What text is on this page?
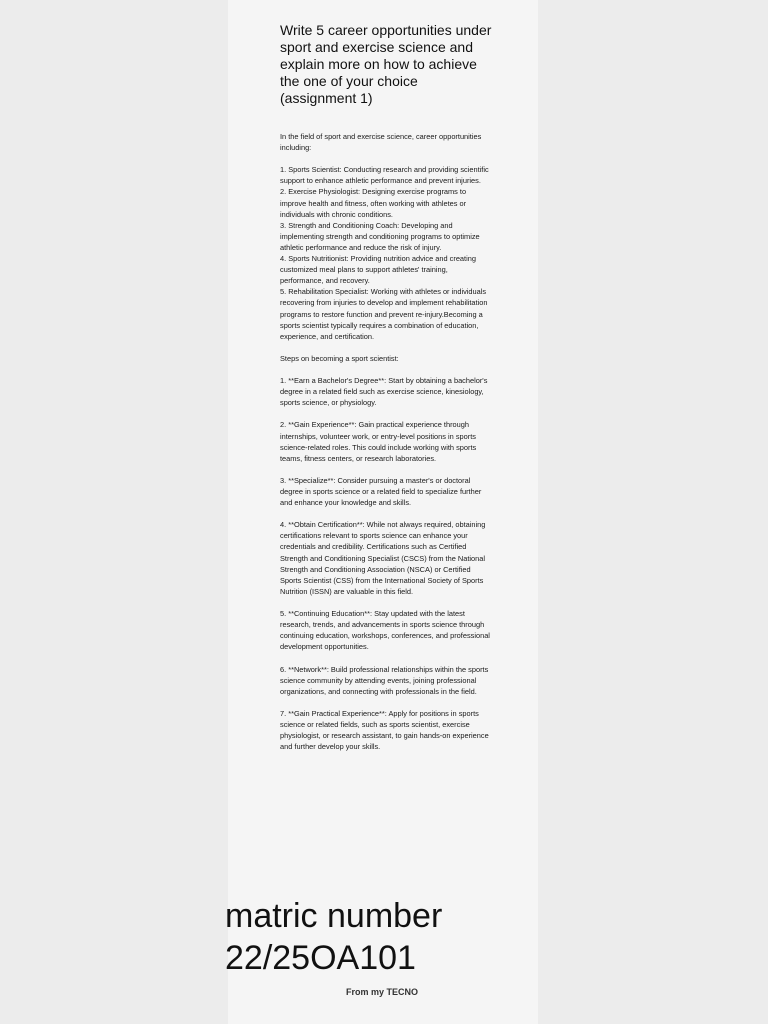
Write 5 career opportunities under sport and exercise science and explain more on how to achieve the one of your choice (assignment 1)

In the field of sport and exercise science, career opportunities including:

1. Sports Scientist: Conducting research and providing scientific support to enhance athletic performance and prevent injuries.

2. Exercise Physiologist: Designing exercise programs to improve health and fitness, often working with athletes or individuals with chronic conditions.

3. Strength and Conditioning Coach: Developing and implementing strength and conditioning programs to optimize athletic performance and reduce the risk of injury.

4. Sports Nutritionist: Providing nutrition advice and creating customized meal plans to support athletes' training, performance, and recovery.

5. Rehabilitation Specialist: Working with athletes or individuals recovering from injuries to develop and implement rehabilitation programs to restore function and prevent re-injury.Becoming a sports scientist typically requires a combination of education, experience, and certification.

Steps on becoming a sport scientist:

1. **Earn a Bachelor's Degree**: Start by obtaining a bachelor's degree in a related field such as exercise science, kinesiology, sports science, or physiology.

2. **Gain Experience**: Gain practical experience through internships, volunteer work, or entry-level positions in sports science-related roles. This could include working with sports teams, fitness centers, or research laboratories.

3. **Specialize**: Consider pursuing a master's or doctoral degree in sports science or a related field to specialize further and enhance your knowledge and skills.

4. **Obtain Certification**: While not always required, obtaining certifications relevant to sports science can enhance your credentials and credibility. Certifications such as Certified Strength and Conditioning Specialist (CSCS) from the National Strength and Conditioning Association (NSCA) or Certified Sports Scientist (CSS) from the International Society of Sports Nutrition (ISSN) are valuable in this field.

5. **Continuing Education**: Stay updated with the latest research, trends, and advancements in sports science through continuing education, workshops, conferences, and professional development opportunities.

6. **Network**: Build professional relationships within the sports science community by attending events, joining professional organizations, and connecting with professionals in the field.

7. **Gain Practical Experience**: Apply for positions in sports science or related fields, such as sports scientist, exercise physiologist, or research assistant, to gain hands-on experience and further develop your skills.

matric number
22/25OA101
From my TECNO
